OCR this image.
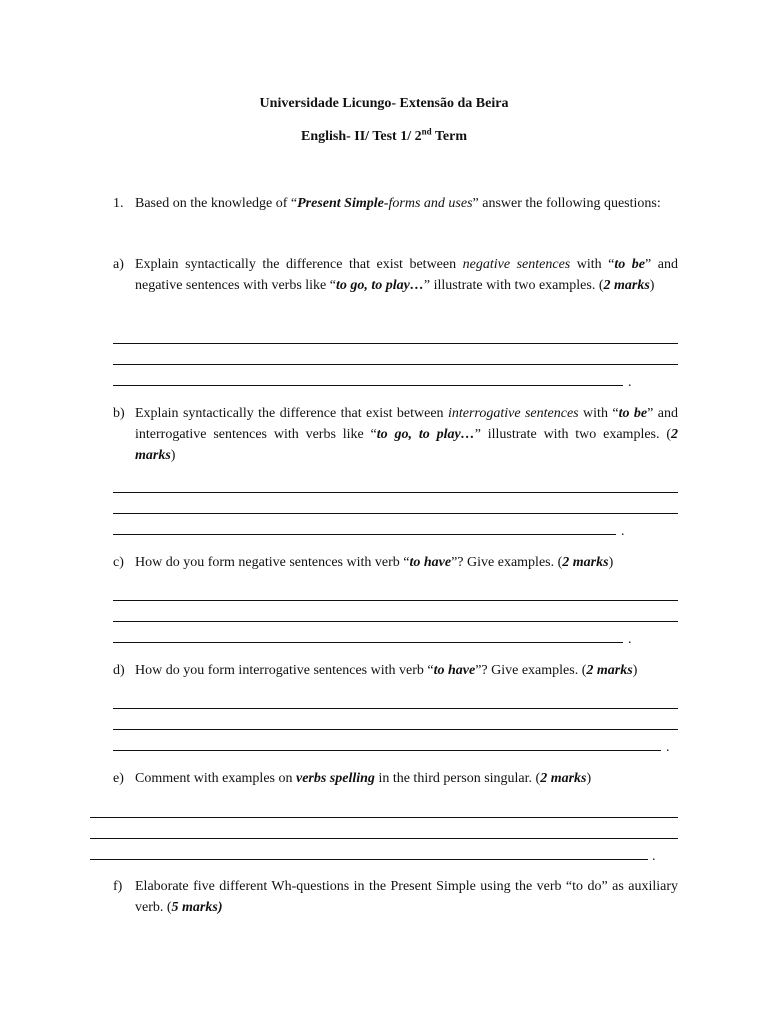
Universidade Licungo- Extensão da Beira
English- II/ Test 1/ 2nd Term
1. Based on the knowledge of “Present Simple-forms and uses” answer the following questions:
a) Explain syntactically the difference that exist between negative sentences with “to be” and negative sentences with verbs like “to go, to play…” illustrate with two examples. (2 marks)
.
b) Explain syntactically the difference that exist between interrogative sentences with “to be” and interrogative sentences with verbs like “to go, to play…” illustrate with two examples. (2 marks)
.
c) How do you form negative sentences with verb “to have”? Give examples. (2 marks)
.
d) How do you form interrogative sentences with verb “to have”? Give examples. (2 marks)
.
e) Comment with examples on verbs spelling in the third person singular. (2 marks)
.
f) Elaborate five different Wh-questions in the Present Simple using the verb “to do” as auxiliary verb. (5 marks)
